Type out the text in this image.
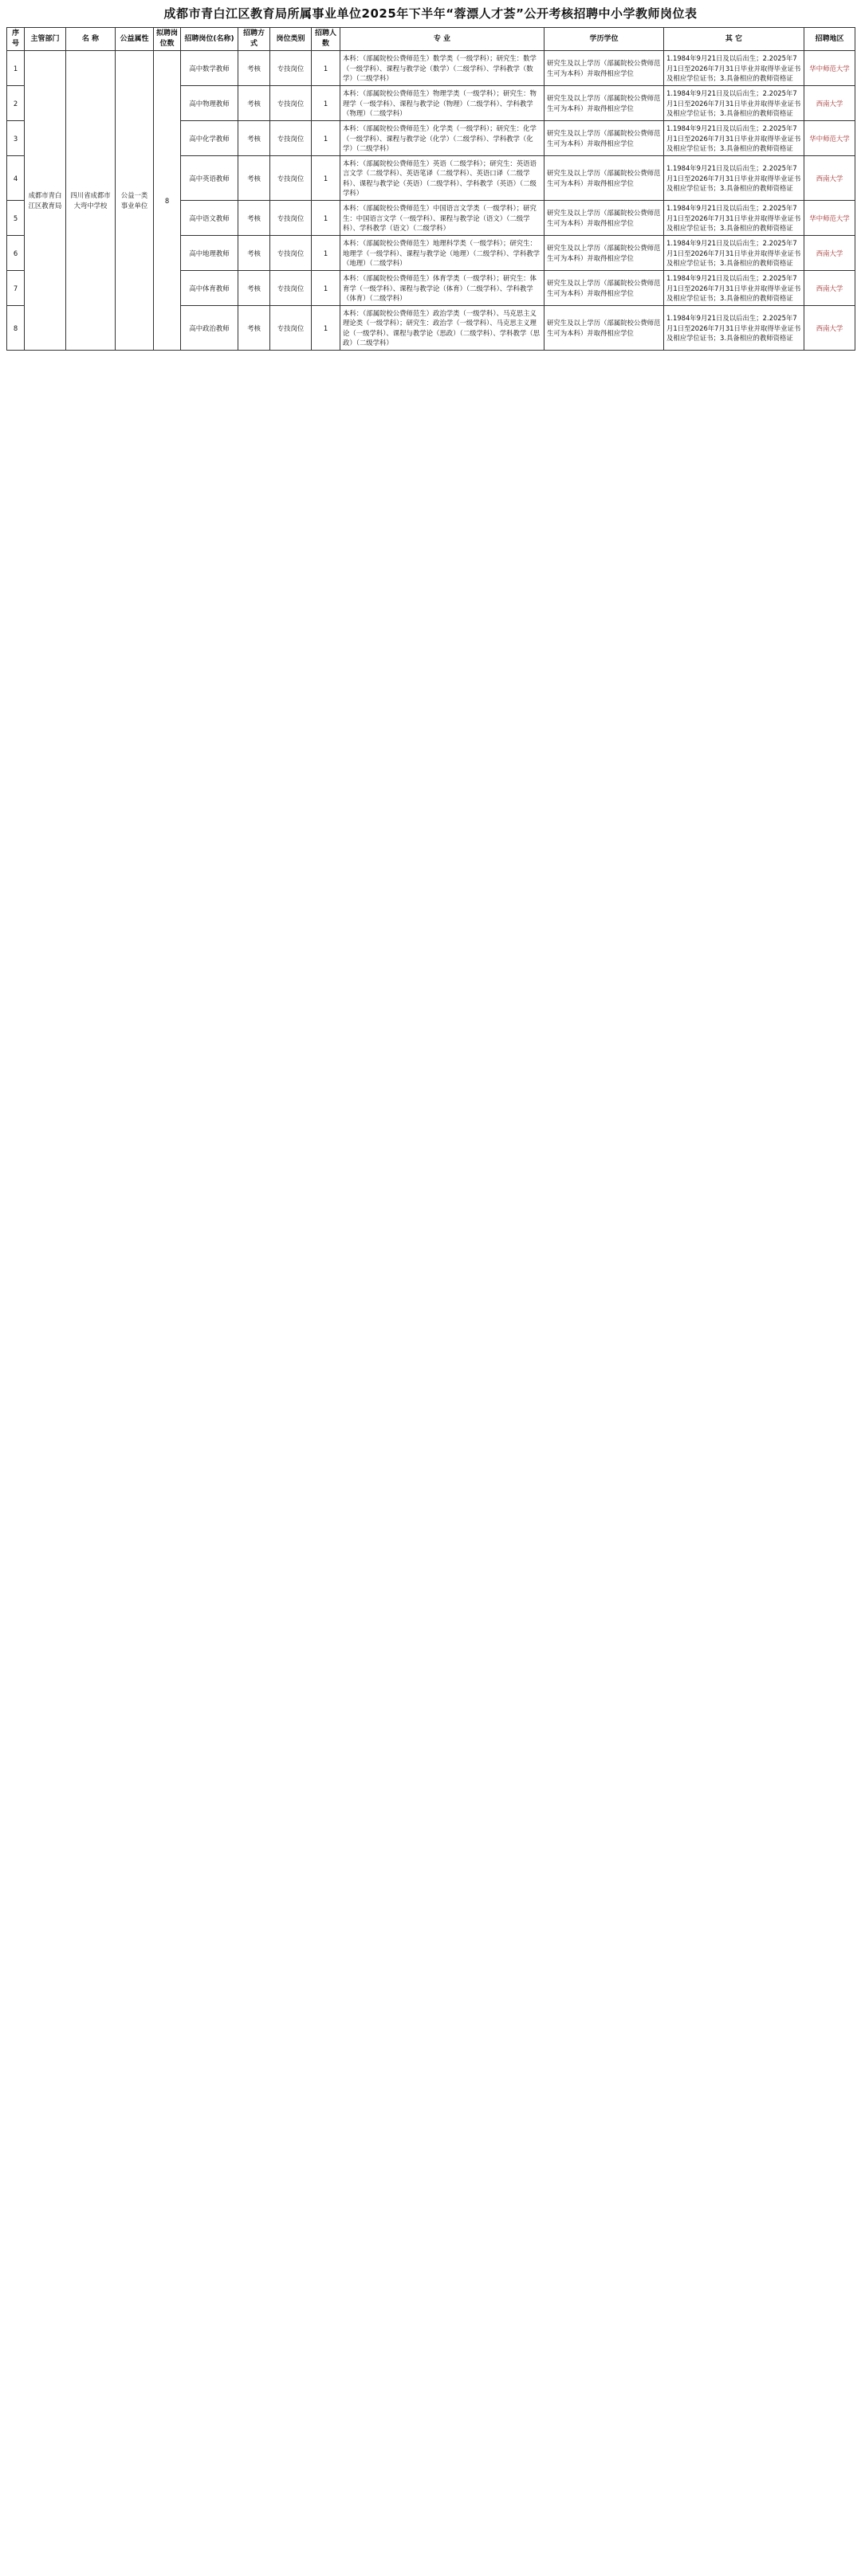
成都市青白江区教育局所属事业单位2025年下半年“蓉漂人才荟”公开考核招聘中小学教师岗位表
序号	主管部门	名 称	公益属性	拟聘岗位数	招聘岗位(名称)	招聘方式	岗位类别	招聘人数	专 业	学历学位	其 它	招聘地区
1	成都市青白江区教育局	四川省成都市大弯中学校	公益一类事业单位	8	高中数学教师	考核	专技岗位	1	本科：（部属院校公费师范生）数学类（一级学科）；研究生：数学（一级学科）、课程与教学论（数学）（二级学科）、学科教学（数学）（二级学科）	研究生及以上学历（部属院校公费师范生可为本科）并取得相应学位	1.1984年9月21日及以后出生；2.2025年7月1日至2026年7月31日毕业并取得毕业证书及相应学位证书；3.具备相应的教师资格证	华中师范大学
2					高中物理教师	考核	专技岗位	1	本科：（部属院校公费师范生）物理学类（一级学科）；研究生：物理学（一级学科）、课程与教学论（物理）（二级学科）、学科教学（物理）（二级学科）	研究生及以上学历（部属院校公费师范生可为本科）并取得相应学位	1.1984年9月21日及以后出生；2.2025年7月1日至2026年7月31日毕业并取得毕业证书及相应学位证书；3.具备相应的教师资格证	西南大学
3					高中化学教师	考核	专技岗位	1	本科：（部属院校公费师范生）化学类（一级学科）；研究生：化学（一级学科）、课程与教学论（化学）（二级学科）、学科教学（化学）（二级学科）	研究生及以上学历（部属院校公费师范生可为本科）并取得相应学位	1.1984年9月21日及以后出生；2.2025年7月1日至2026年7月31日毕业并取得毕业证书及相应学位证书；3.具备相应的教师资格证	华中师范大学
4					高中英语教师	考核	专技岗位	1	本科：（部属院校公费师范生）英语（二级学科）；研究生：英语语言文学（二级学科）、英语笔译（二级学科）、英语口译（二级学科）、课程与教学论（英语）（二级学科）、学科教学（英语）（二级学科）	研究生及以上学历（部属院校公费师范生可为本科）并取得相应学位	1.1984年9月21日及以后出生；2.2025年7月1日至2026年7月31日毕业并取得毕业证书及相应学位证书；3.具备相应的教师资格证	西南大学
5					高中语文教师	考核	专技岗位	1	本科：（部属院校公费师范生）中国语言文学类（一级学科）；研究生：中国语言文学（一级学科）、课程与教学论（语文）（二级学科）、学科教学（语文）（二级学科）	研究生及以上学历（部属院校公费师范生可为本科）并取得相应学位	1.1984年9月21日及以后出生；2.2025年7月1日至2026年7月31日毕业并取得毕业证书及相应学位证书；3.具备相应的教师资格证	华中师范大学
6					高中地理教师	考核	专技岗位	1	本科：（部属院校公费师范生）地理科学类（一级学科）；研究生：地理学（一级学科）、课程与教学论（地理）（二级学科）、学科教学（地理）（二级学科）	研究生及以上学历（部属院校公费师范生可为本科）并取得相应学位	1.1984年9月21日及以后出生；2.2025年7月1日至2026年7月31日毕业并取得毕业证书及相应学位证书；3.具备相应的教师资格证	西南大学
7					高中体育教师	考核	专技岗位	1	本科：（部属院校公费师范生）体育学类（一级学科）；研究生：体育学（一级学科）、课程与教学论（体育）（二级学科）、学科教学（体育）（二级学科）	研究生及以上学历（部属院校公费师范生可为本科）并取得相应学位	1.1984年9月21日及以后出生；2.2025年7月1日至2026年7月31日毕业并取得毕业证书及相应学位证书；3.具备相应的教师资格证	西南大学
8					高中政治教师	考核	专技岗位	1	本科：（部属院校公费师范生）政治学类（一级学科）、马克思主义理论类（一级学科）；研究生：政治学（一级学科）、马克思主义理论（一级学科）、课程与教学论（思政）（二级学科）、学科教学（思政）（二级学科）	研究生及以上学历（部属院校公费师范生可为本科）并取得相应学位	1.1984年9月21日及以后出生；2.2025年7月1日至2026年7月31日毕业并取得毕业证书及相应学位证书；3.具备相应的教师资格证	西南大学
